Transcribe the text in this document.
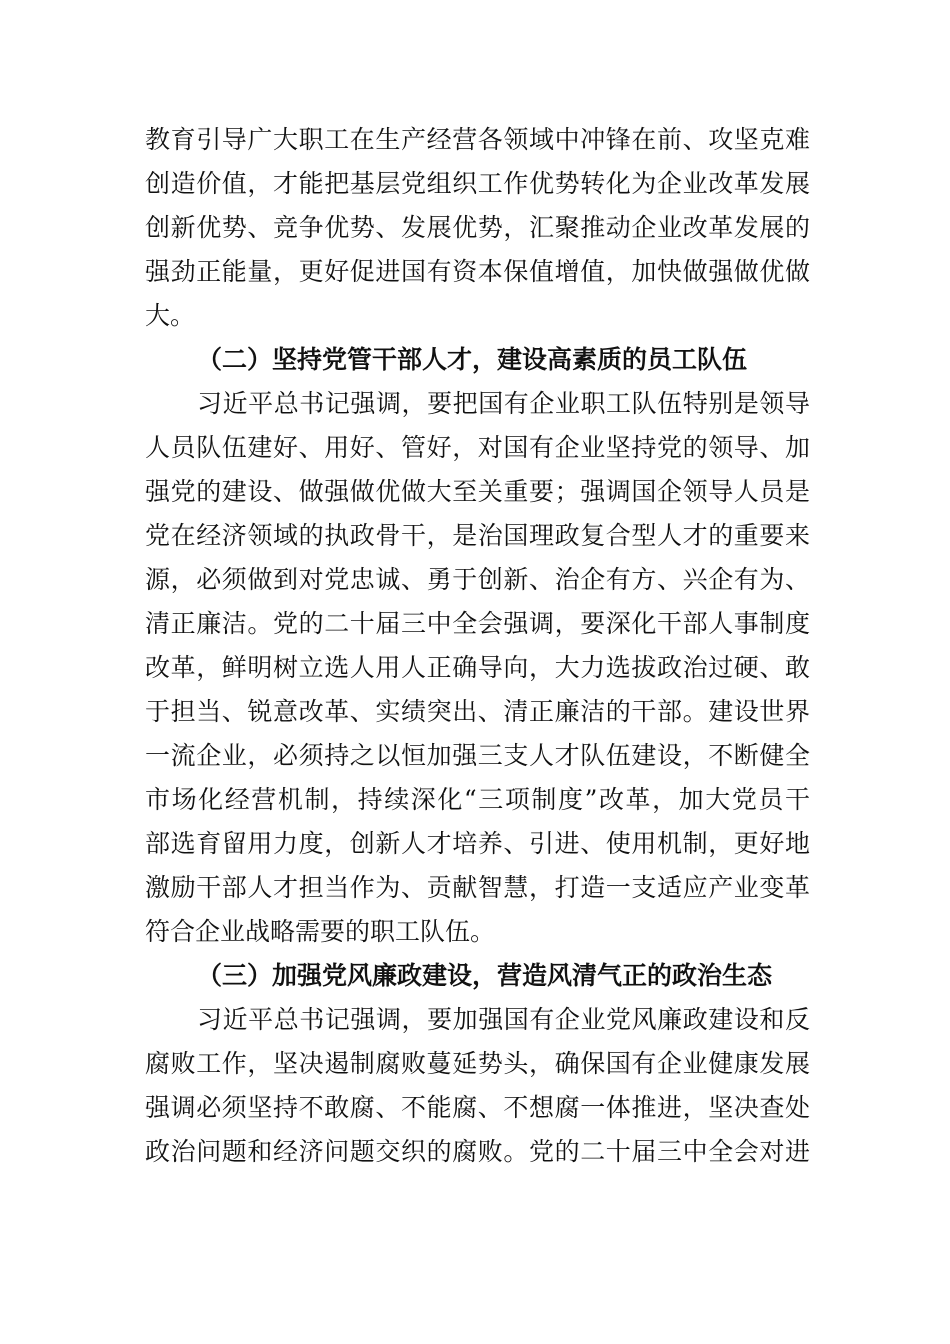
教育引导广大职工在生产经营各领域中冲锋在前、攻坚克难
创造价值，才能把基层党组织工作优势转化为企业改革发展
创新优势、竞争优势、发展优势，汇聚推动企业改革发展的
强劲正能量，更好促进国有资本保值增值，加快做强做优做
大。
（二）坚持党管干部人才，建设高素质的员工队伍
习近平总书记强调，要把国有企业职工队伍特别是领导
人员队伍建好、用好、管好，对国有企业坚持党的领导、加
强党的建设、做强做优做大至关重要；强调国企领导人员是
党在经济领域的执政骨干，是治国理政复合型人才的重要来
源，必须做到对党忠诚、勇于创新、治企有方、兴企有为、
清正廉洁。党的二十届三中全会强调，要深化干部人事制度
改革，鲜明树立选人用人正确导向，大力选拔政治过硬、敢
于担当、锐意改革、实绩突出、清正廉洁的干部。建设世界
一流企业，必须持之以恒加强三支人才队伍建设，不断健全
市场化经营机制，持续深化“三项制度”改革，加大党员干
部选育留用力度，创新人才培养、引进、使用机制，更好地
激励干部人才担当作为、贡献智慧，打造一支适应产业变革
符合企业战略需要的职工队伍。
（三）加强党风廉政建设，营造风清气正的政治生态
习近平总书记强调，要加强国有企业党风廉政建设和反
腐败工作，坚决遏制腐败蔓延势头，确保国有企业健康发展
强调必须坚持不敢腐、不能腐、不想腐一体推进，坚决查处
政治问题和经济问题交织的腐败。党的二十届三中全会对进
